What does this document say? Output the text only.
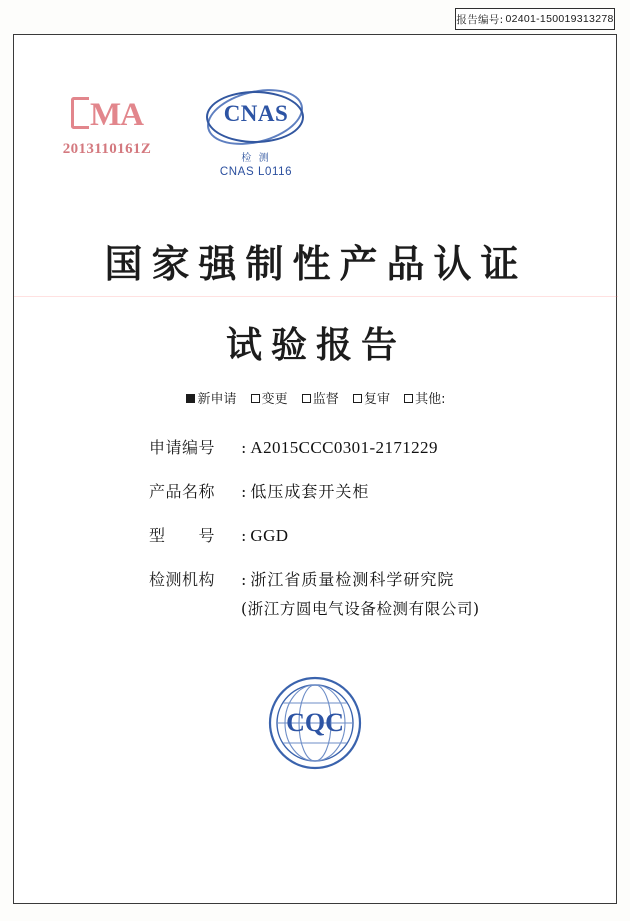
报告编号: 02401-150019313278
MA
2013110161Z
CNAS
检 测
CNAS L0116
国家强制性产品认证
试验报告
新申请 变更 监督 复审 其他:
申请编号	: A2015CCC0301-2171229
产品名称	: 低压成套开关柜
型　　号	: GGD
检测机构	: 浙江省质量检测科学研究院
(浙江方圆电气设备检测有限公司)
CQC
